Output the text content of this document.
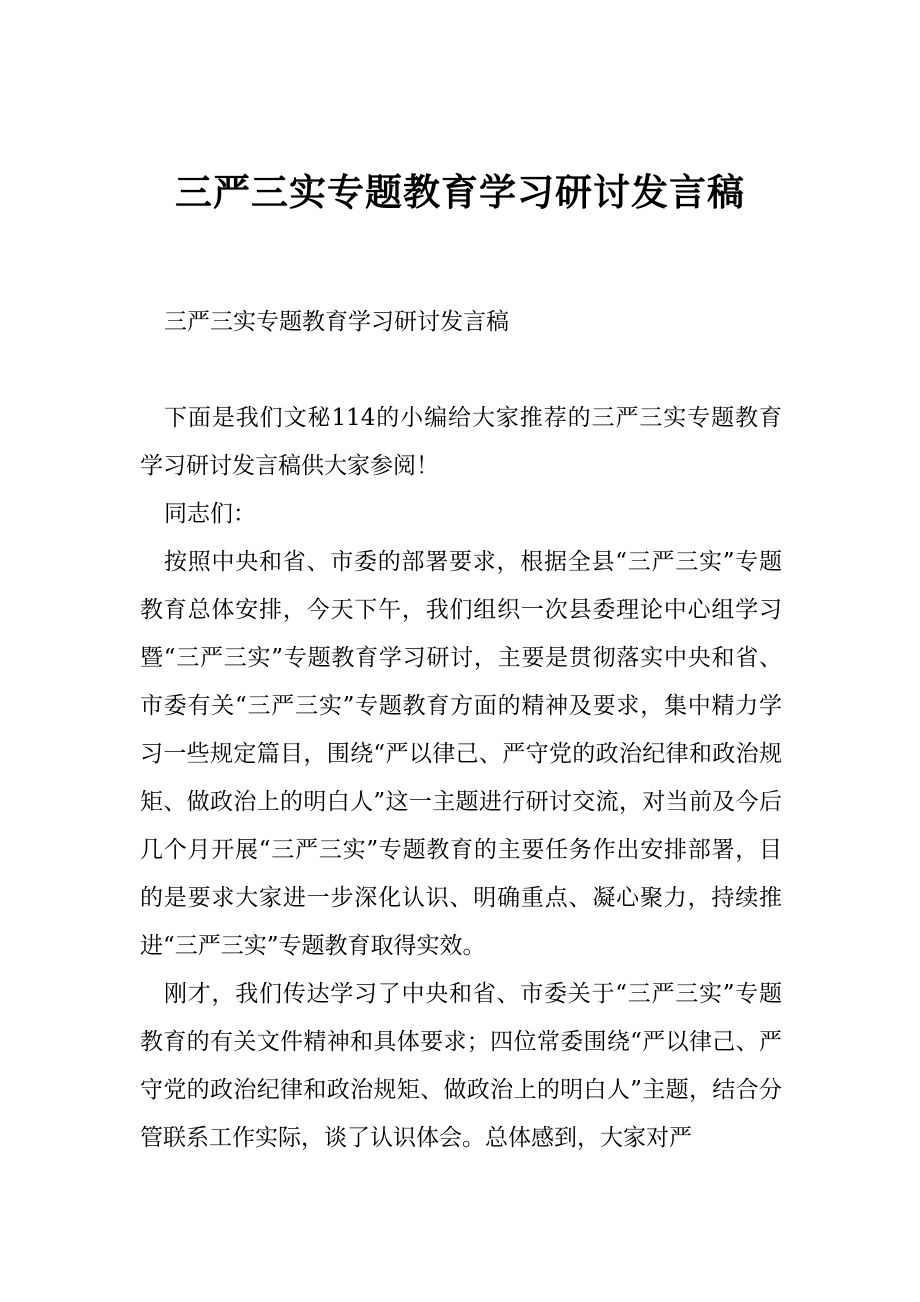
三严三实专题教育学习研讨发言稿

三严三实专题教育学习研讨发言稿

下面是我们文秘114的小编给大家推荐的三严三实专题教育学习研讨发言稿供大家参阅！

同志们：

按照中央和省、市委的部署要求，根据全县“三严三实”专题教育总体安排，今天下午，我们组织一次县委理论中心组学习暨“三严三实”专题教育学习研讨，主要是贯彻落实中央和省、市委有关“三严三实”专题教育方面的精神及要求，集中精力学习一些规定篇目，围绕“严以律己、严守党的政治纪律和政治规矩、做政治上的明白人”这一主题进行研讨交流，对当前及今后几个月开展“三严三实”专题教育的主要任务作出安排部署，目的是要求大家进一步深化认识、明确重点、凝心聚力，持续推进“三严三实”专题教育取得实效。

刚才，我们传达学习了中央和省、市委关于“三严三实”专题教育的有关文件精神和具体要求；四位常委围绕“严以律己、严守党的政治纪律和政治规矩、做政治上的明白人”主题，结合分管联系工作实际，谈了认识体会。总体感到，大家对严
